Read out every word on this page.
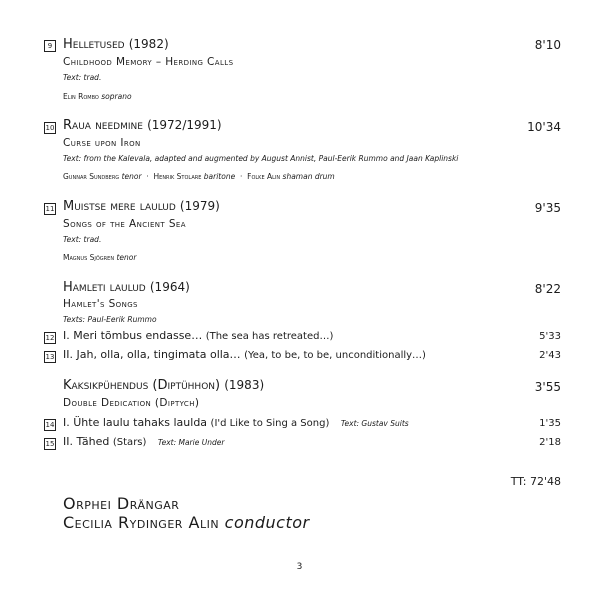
9 Helletused (1982)	8'10
Childhood Memory – Herding Calls
Text: trad.
Elin Rombo soprano
10 Raua needmine (1972/1991)	10'34
Curse upon Iron
Text: from the Kalevala, adapted and augmented by August Annist, Paul-Eerik Rummo and Jaan Kaplinski
Gunnar Sundberg tenor · Henrik Stolare baritone · Folke Alin shaman drum
11 Muistse mere laulud (1979)	9'35
Songs of the Ancient Sea
Text: trad.
Magnus Sjögren tenor
Hamleti laulud (1964)	8'22
Hamlet's Songs
Texts: Paul-Eerik Rummo
12 I. Meri tõmbus endasse… (The sea has retreated…)	5'33
13 II. Jah, olla, olla, tingimata olla… (Yea, to be, to be, unconditionally…)	2'43
Kaksikpühendus (Diptühhon) (1983)	3'55
Double Dedication (Diptych)
14 I. Ühte laulu tahaks laulda (I'd Like to Sing a Song) Text: Gustav Suits	1'35
15 II. Tähed (Stars) Text: Marie Under	2'18
TT: 72'48
Orphei Drängar
Cecilia Rydinger Alin conductor
3
